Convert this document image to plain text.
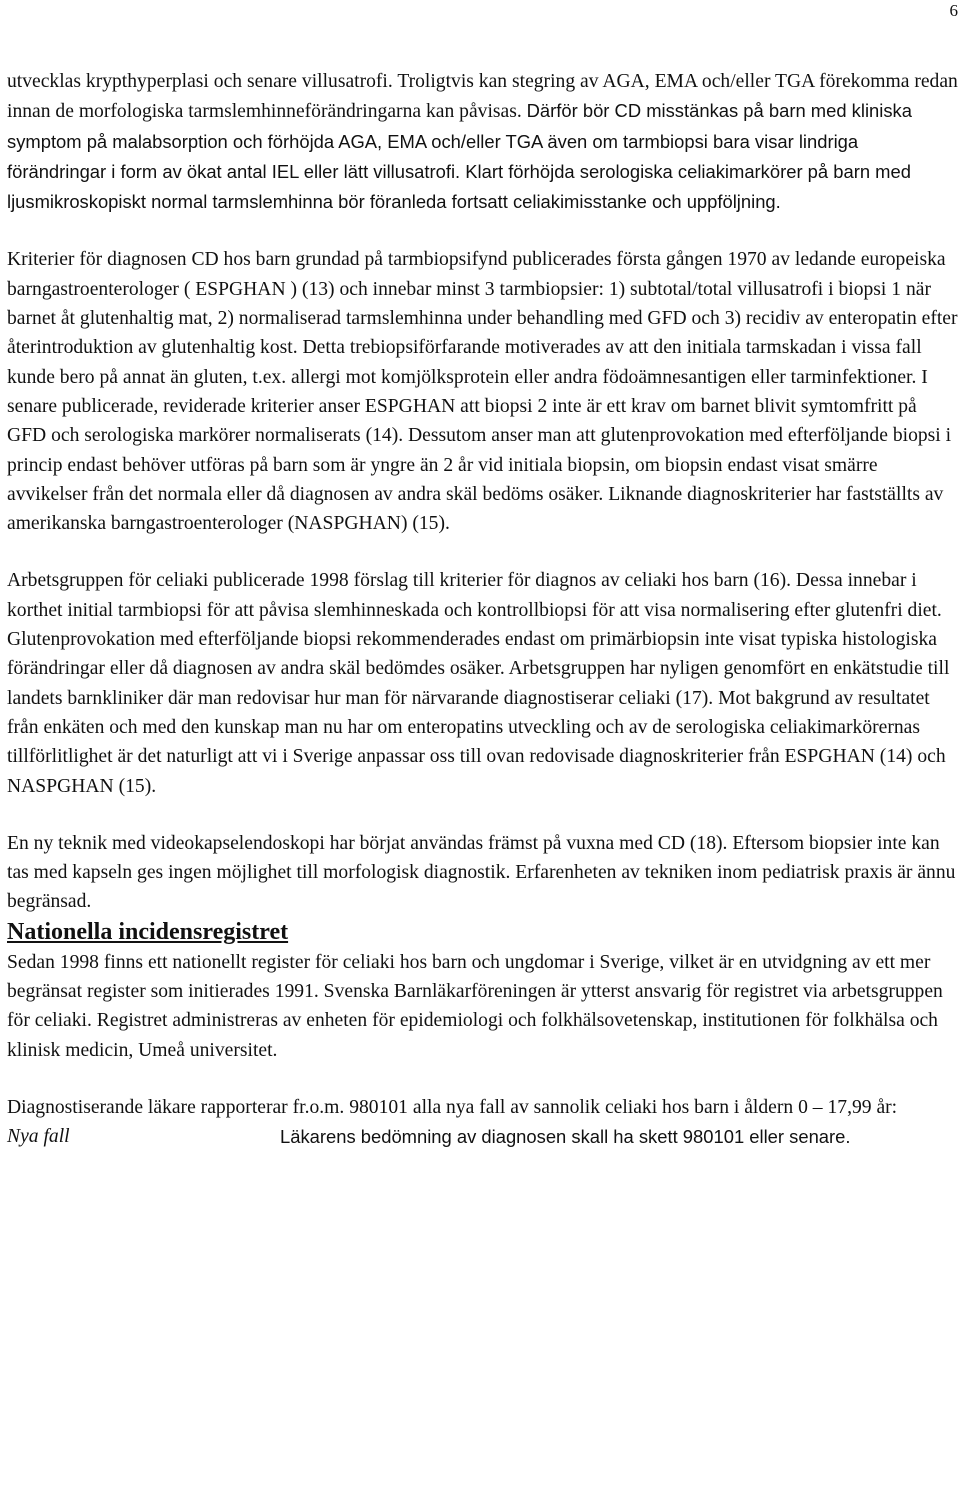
6

utvecklas krypthyperplasi och senare villusatrofi. Troligtvis kan stegring av AGA, EMA och/eller TGA förekomma redan innan de morfologiska tarmslemhinneförändringarna kan påvisas. Därför bör CD misstänkas på barn med kliniska symptom på malabsorption och förhöjda AGA, EMA och/eller TGA även om tarmbiopsi bara visar lindriga förändringar i form av ökat antal IEL eller lätt villusatrofi. Klart förhöjda serologiska celiakimarkörer på barn med ljusmikroskopiskt normal tarmslemhinna bör föranleda fortsatt celiakimisstanke och uppföljning.

Kriterier för diagnosen CD hos barn grundad på tarmbiopsifynd publicerades första gången 1970 av ledande europeiska barngastroenterologer ( ESPGHAN ) (13) och innebar minst 3 tarmbiopsier: 1) subtotal/total villusatrofi i biopsi 1 när barnet åt glutenhaltig mat, 2) normaliserad tarmslemhinna under behandling med GFD och 3) recidiv av enteropatin efter återintroduktion av glutenhaltig kost. Detta trebiopsiförfarande motiverades av att den initiala tarmskadan i vissa fall kunde bero på annat än gluten, t.ex. allergi mot komjölksprotein eller andra födoämnesantigen eller tarminfektioner. I senare publicerade, reviderade kriterier anser ESPGHAN att biopsi 2 inte är ett krav om barnet blivit symtomfritt på GFD och serologiska markörer normaliserats (14). Dessutom anser man att glutenprovokation med efterföljande biopsi i princip endast behöver utföras på barn som är yngre än 2 år vid initiala biopsin, om biopsin endast visat smärre avvikelser från det normala eller då diagnosen av andra skäl bedöms osäker. Liknande diagnoskriterier har fastställts av amerikanska barngastroenterologer (NASPGHAN) (15).

Arbetsgruppen för celiaki publicerade 1998 förslag till kriterier för diagnos av celiaki hos barn (16). Dessa innebar i korthet initial tarmbiopsi för att påvisa slemhinneskada och kontrollbiopsi för att visa normalisering efter glutenfri diet. Glutenprovokation med efterföljande biopsi rekommenderades endast om primärbiopsin inte visat typiska histologiska förändringar eller då diagnosen av andra skäl bedömdes osäker. Arbetsgruppen har nyligen genomfört en enkätstudie till landets barnkliniker där man redovisar hur man för närvarande diagnostiserar celiaki (17). Mot bakgrund av resultatet från enkäten och med den kunskap man nu har om enteropatins utveckling och av de serologiska celiakimarkörernas tillförlitlighet är det naturligt att vi i Sverige anpassar oss till ovan redovisade diagnoskriterier från ESPGHAN (14) och NASPGHAN (15).

En ny teknik med videokapselendoskopi har börjat användas främst på vuxna med CD (18). Eftersom biopsier inte kan tas med kapseln ges ingen möjlighet till morfologisk diagnostik. Erfarenheten av tekniken inom pediatrisk praxis är ännu begränsad.

Nationella incidensregistret

Sedan 1998 finns ett nationellt register för celiaki hos barn och ungdomar i Sverige, vilket är en utvidgning av ett mer begränsat register som initierades 1991. Svenska Barnläkarföreningen är ytterst ansvarig för registret via arbetsgruppen för celiaki. Registret administreras av enheten för epidemiologi och folkhälsovetenskap, institutionen för folkhälsa och klinisk medicin, Umeå universitet.

Diagnostiserande läkare rapporterar fr.o.m. 980101 alla nya fall av sannolik celiaki hos barn i åldern 0 – 17,99 år:

Nya fall	Läkarens bedömning av diagnosen skall ha skett 980101 eller senare.
